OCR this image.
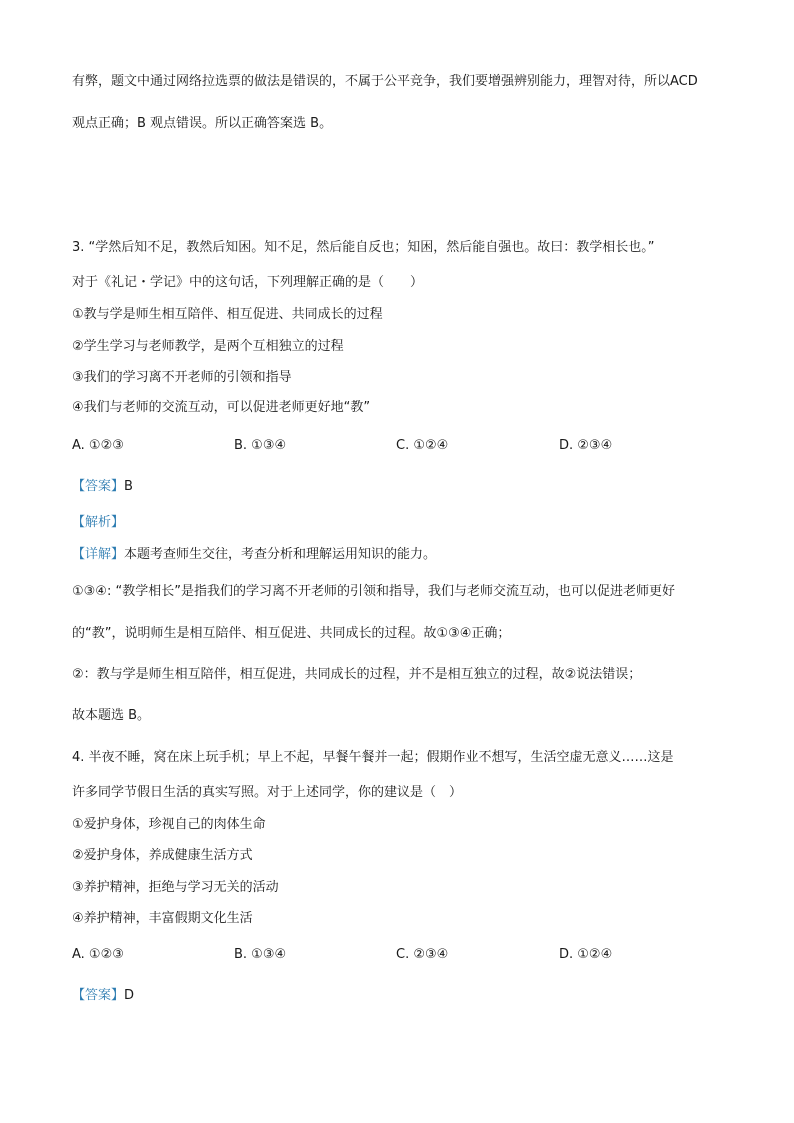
有弊，题文中通过网络拉选票的做法是错误的，不属于公平竞争，我们要增强辨别能力，理智对待，所以ACD
观点正确；B 观点错误。所以正确答案选 B。
3. “学然后知不足，教然后知困。知不足，然后能自反也；知困，然后能自强也。故曰：教学相长也。”
对于《礼记・学记》中的这句话，下列理解正确的是（　　）
①教与学是师生相互陪伴、相互促进、共同成长的过程
②学生学习与老师教学，是两个互相独立的过程
③我们的学习离不开老师的引领和指导
④我们与老师的交流互动，可以促进老师更好地“教”
A. ①②③	B. ①③④	C. ①②④	D. ②③④
【答案】B
【解析】
【详解】本题考查师生交往，考查分析和理解运用知识的能力。
①③④: “教学相长”是指我们的学习离不开老师的引领和指导，我们与老师交流互动，也可以促进老师更好
的“教”，说明师生是相互陪伴、相互促进、共同成长的过程。故①③④正确；
②：教与学是师生相互陪伴，相互促进，共同成长的过程，并不是相互独立的过程，故②说法错误；
故本题选 B。
4. 半夜不睡，窝在床上玩手机；早上不起，早餐午餐并一起；假期作业不想写，生活空虚无意义……这是
许多同学节假日生活的真实写照。对于上述同学，你的建议是（　）
①爱护身体，珍视自己的肉体生命
②爱护身体，养成健康生活方式
③养护精神，拒绝与学习无关的活动
④养护精神，丰富假期文化生活
A. ①②③	B. ①③④	C. ②③④	D. ①②④
【答案】D
